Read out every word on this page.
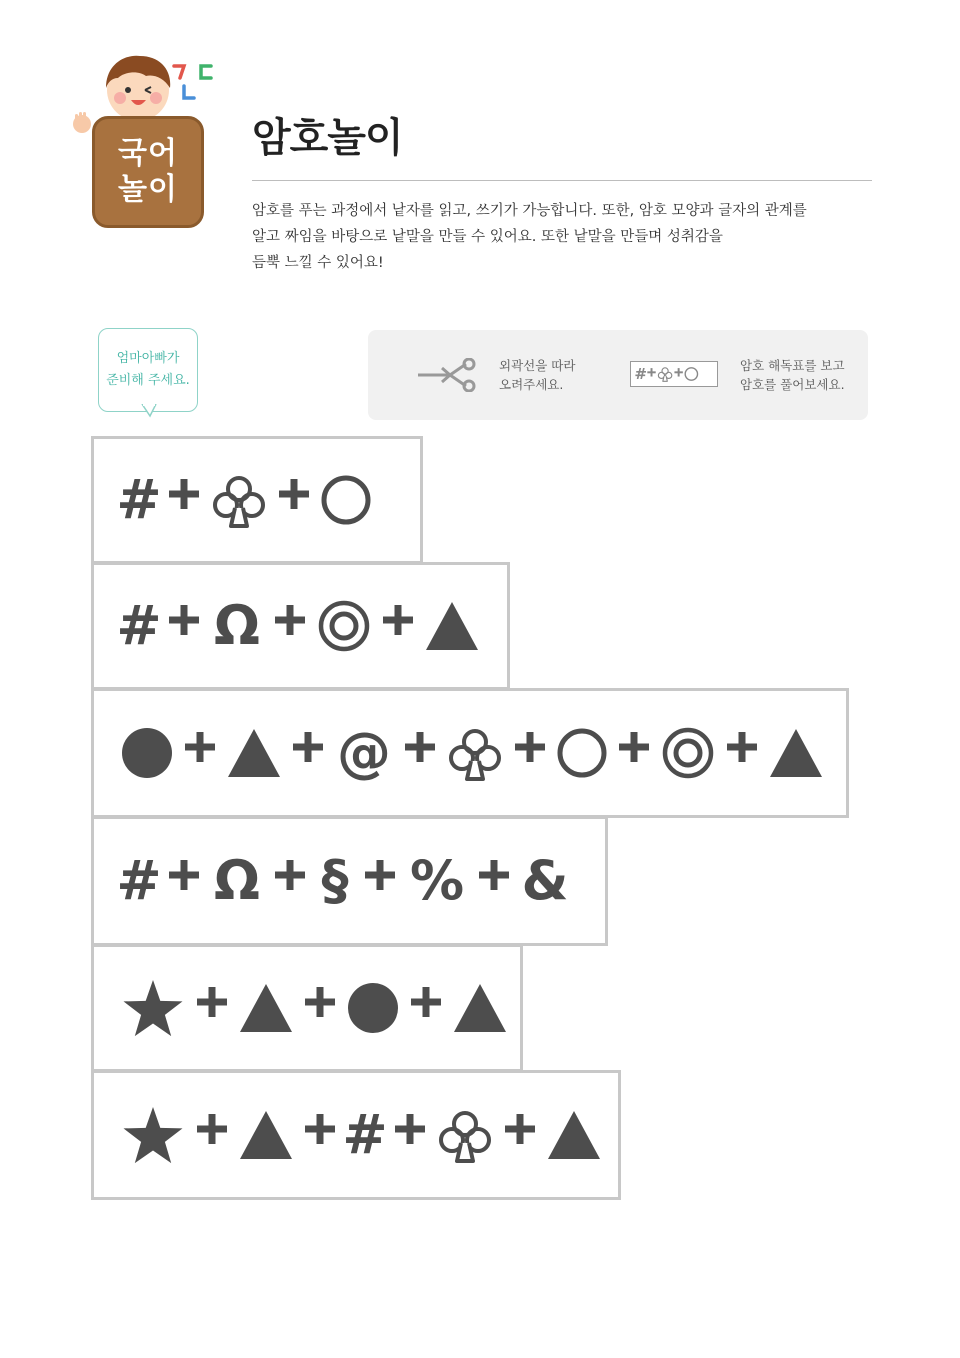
국어
놀이
암호놀이
암호를 푸는 과정에서 낱자를 읽고, 쓰기가 가능합니다. 또한, 암호 모양과 글자의 관계를
알고 짜임을 바탕으로 낱말을 만들 수 있어요. 또한 낱말을 만들며 성취감을
듬뿍 느낄 수 있어요!
엄마아빠가
준비해 주세요.
외곽선을 따라
오려주세요.
#	암호 해독표를 보고
암호를 풀어보세요.
#
# Ω
@
# Ω § % &
#
